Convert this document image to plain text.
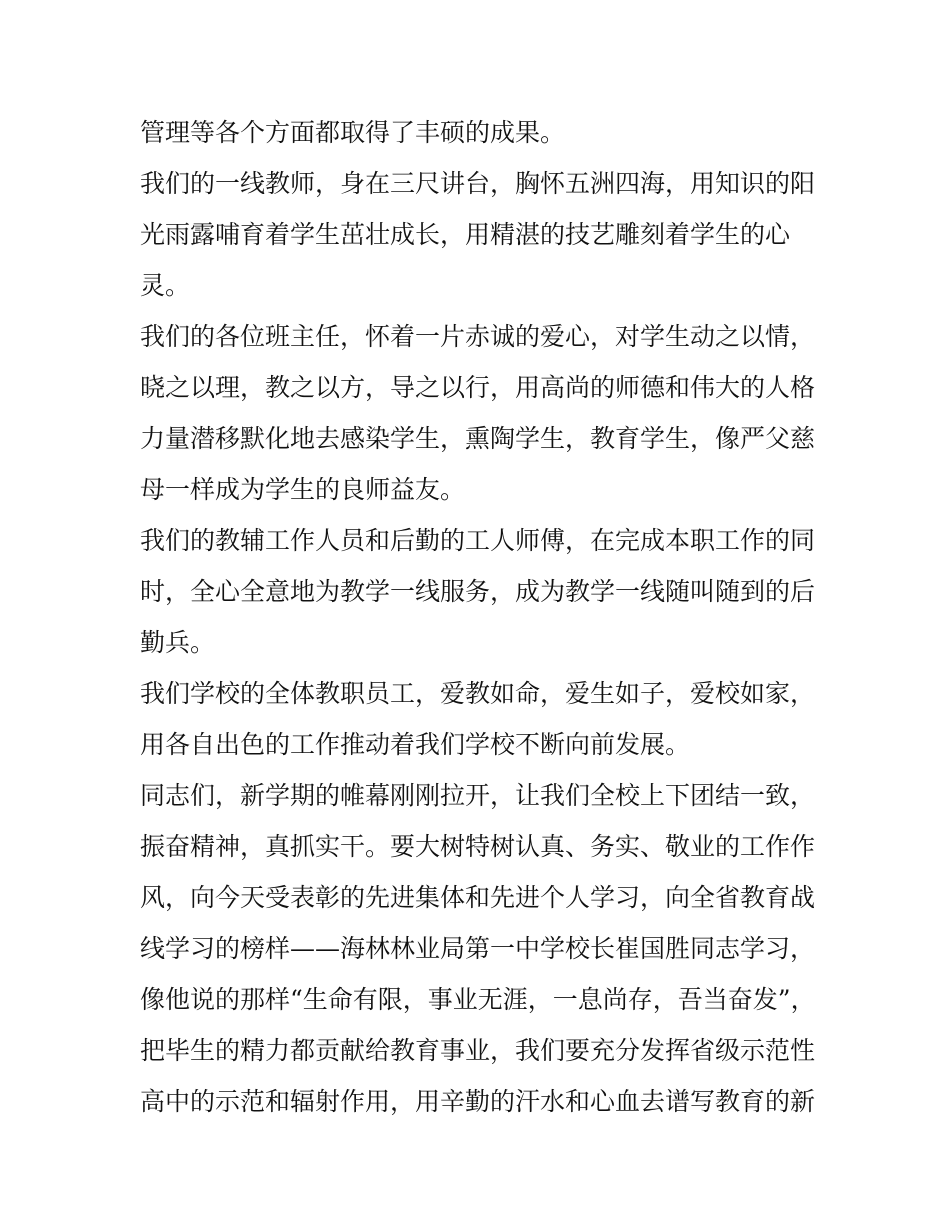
管理等各个方面都取得了丰硕的成果。
我们的一线教师，身在三尺讲台，胸怀五洲四海，用知识的阳
光雨露哺育着学生茁壮成长，用精湛的技艺雕刻着学生的心
灵。
我们的各位班主任，怀着一片赤诚的爱心，对学生动之以情，
晓之以理，教之以方，导之以行，用高尚的师德和伟大的人格
力量潜移默化地去感染学生，熏陶学生，教育学生，像严父慈
母一样成为学生的良师益友。
我们的教辅工作人员和后勤的工人师傅，在完成本职工作的同
时，全心全意地为教学一线服务，成为教学一线随叫随到的后
勤兵。
我们学校的全体教职员工，爱教如命，爱生如子，爱校如家，
用各自出色的工作推动着我们学校不断向前发展。
同志们，新学期的帷幕刚刚拉开，让我们全校上下团结一致，
振奋精神，真抓实干。要大树特树认真、务实、敬业的工作作
风，向今天受表彰的先进集体和先进个人学习，向全省教育战
线学习的榜样——海林林业局第一中学校长崔国胜同志学习，
像他说的那样“生命有限，事业无涯，一息尚存，吾当奋发”，
把毕生的精力都贡献给教育事业，我们要充分发挥省级示范性
高中的示范和辐射作用，用辛勤的汗水和心血去谱写教育的新
